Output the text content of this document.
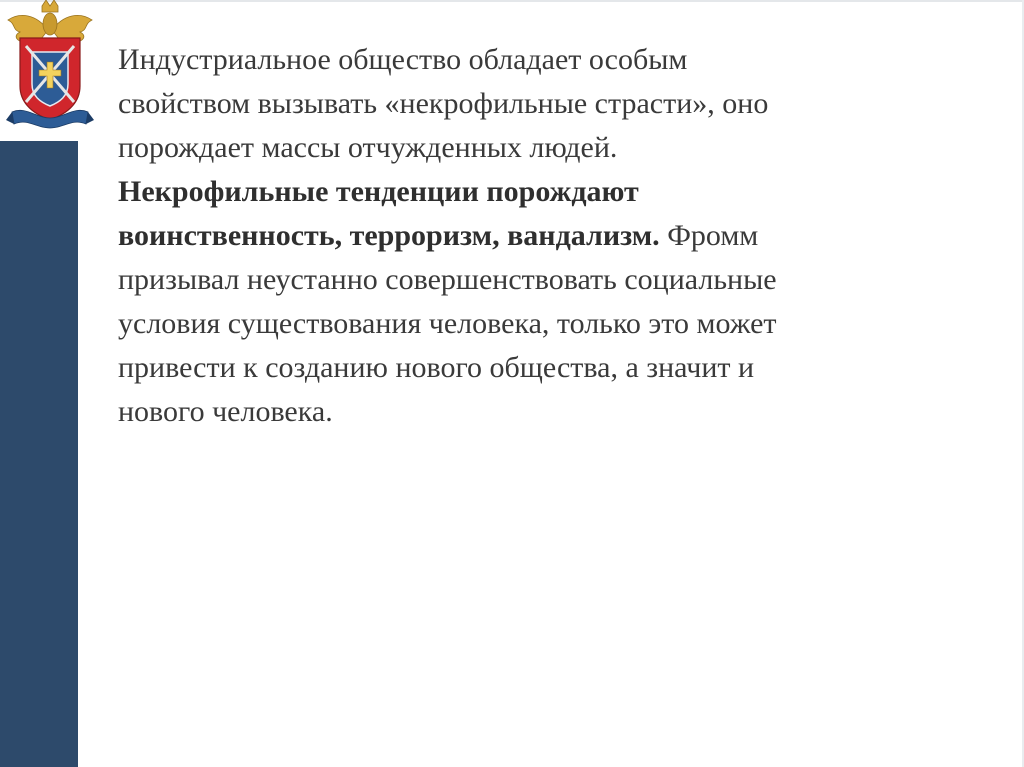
Индустриальное общество обладает особым
свойством вызывать «некрофильные страсти», оно
порождает массы отчужденных людей.
Некрофильные тенденции порождают
воинственность, терроризм, вандализм. Фромм
призывал неустанно совершенствовать социальные
условия существования человека, только это может
привести к созданию нового общества, а значит и
нового человека.
